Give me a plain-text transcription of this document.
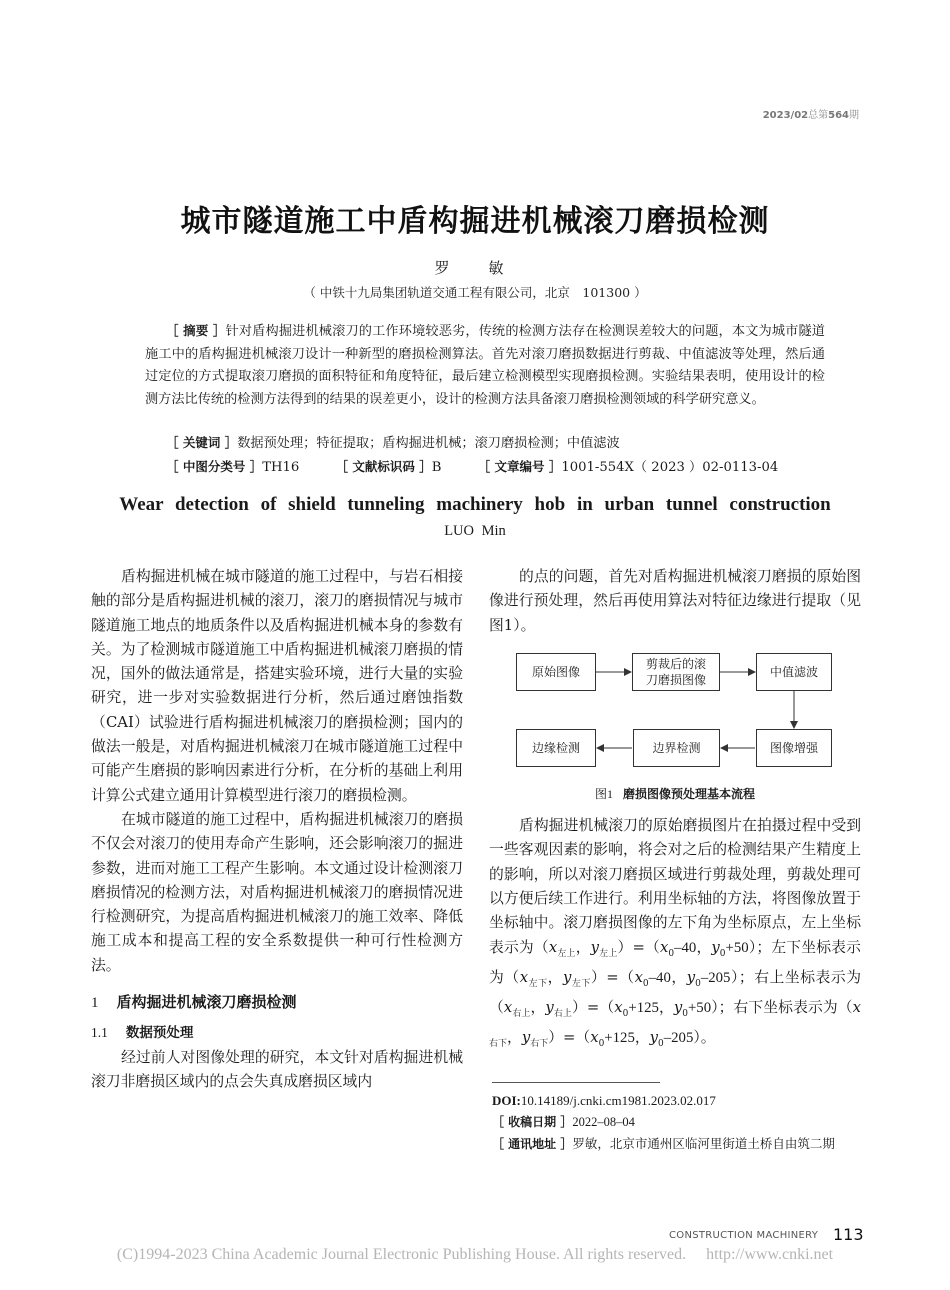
2023/02总第564期
城市隧道施工中盾构掘进机械滚刀磨损检测
罗　敏
（ 中铁十九局集团轨道交通工程有限公司，北京　101300 ）
［ 摘要 ］针对盾构掘进机械滚刀的工作环境较恶劣，传统的检测方法存在检测误差较大的问题，本文为城市隧道施工中的盾构掘进机械滚刀设计一种新型的磨损检测算法。首先对滚刀磨损数据进行剪裁、中值滤波等处理，然后通过定位的方式提取滚刀磨损的面积特征和角度特征，最后建立检测模型实现磨损检测。实验结果表明，使用设计的检测方法比传统的检测方法得到的结果的误差更小，设计的检测方法具备滚刀磨损检测领域的科学研究意义。
［ 关键词 ］数据预处理；特征提取；盾构掘进机械；滚刀磨损检测；中值滤波
［ 中图分类号 ］TH16	［ 文献标识码 ］B	［ 文章编号 ］1001-554X（ 2023 ）02-0113-04
Wear detection of shield tunneling machinery hob in urban tunnel construction
LUO Min

盾构掘进机械在城市隧道的施工过程中，与岩石相接触的部分是盾构掘进机械的滚刀，滚刀的磨损情况与城市隧道施工地点的地质条件以及盾构掘进机械本身的参数有关。为了检测城市隧道施工中盾构掘进机械滚刀磨损的情况，国外的做法通常是，搭建实验环境，进行大量的实验研究，进一步对实验数据进行分析，然后通过磨蚀指数（CAI）试验进行盾构掘进机械滚刀的磨损检测；国内的做法一般是，对盾构掘进机械滚刀在城市隧道施工过程中可能产生磨损的影响因素进行分析，在分析的基础上利用计算公式建立通用计算模型进行滚刀的磨损检测。

在城市隧道的施工过程中，盾构掘进机械滚刀的磨损不仅会对滚刀的使用寿命产生影响，还会影响滚刀的掘进参数，进而对施工工程产生影响。本文通过设计检测滚刀磨损情况的检测方法，对盾构掘进机械滚刀的磨损情况进行检测研究，为提高盾构掘进机械滚刀的施工效率、降低施工成本和提高工程的安全系数提供一种可行性检测方法。

1 盾构掘进机械滚刀磨损检测
1.1 数据预处理

经过前人对图像处理的研究，本文针对盾构掘进机械滚刀非磨损区域内的点会失真成磨损区域内

的点的问题，首先对盾构掘进机械滚刀磨损的原始图像进行预处理，然后再使用算法对特征边缘进行提取（见图1）。

原始图像
剪裁后的滚
刀磨损图像
中值滤波
图像增强
边界检测
边缘检测

图1 磨损图像预处理基本流程

盾构掘进机械滚刀的原始磨损图片在拍摄过程中受到一些客观因素的影响，将会对之后的检测结果产生精度上的影响，所以对滚刀磨损区域进行剪裁处理，剪裁处理可以方便后续工作进行。利用坐标轴的方法，将图像放置于坐标轴中。滚刀磨损图像的左下角为坐标原点，左上坐标表示为（$x_{左上}$，$y_{左上})=(x_0-40$，$y_0+50$）；左下坐标表示为（$x_{左下}$，$y_{左下})=(x_0-40$，$y_0-205$）；右上坐标表示为（$x_{右上}$，$y_{右上})=(x_0+125$，$y_0+50$）；右下坐标表示为（$x_{右下}$，$y_{右下})=(x_0+125$，$y_0-205$）。

DOI:10.14189/j.cnki.cm1981.2023.02.017
［ 收稿日期 ］2022–08–04
［ 通讯地址 ］罗敏，北京市通州区临河里街道土桥自由筑二期
CONSTRUCTION MACHINERY 113
(C)1994-2023 China Academic Journal Electronic Publishing House. All rights reserved.　 http://www.cnki.net
